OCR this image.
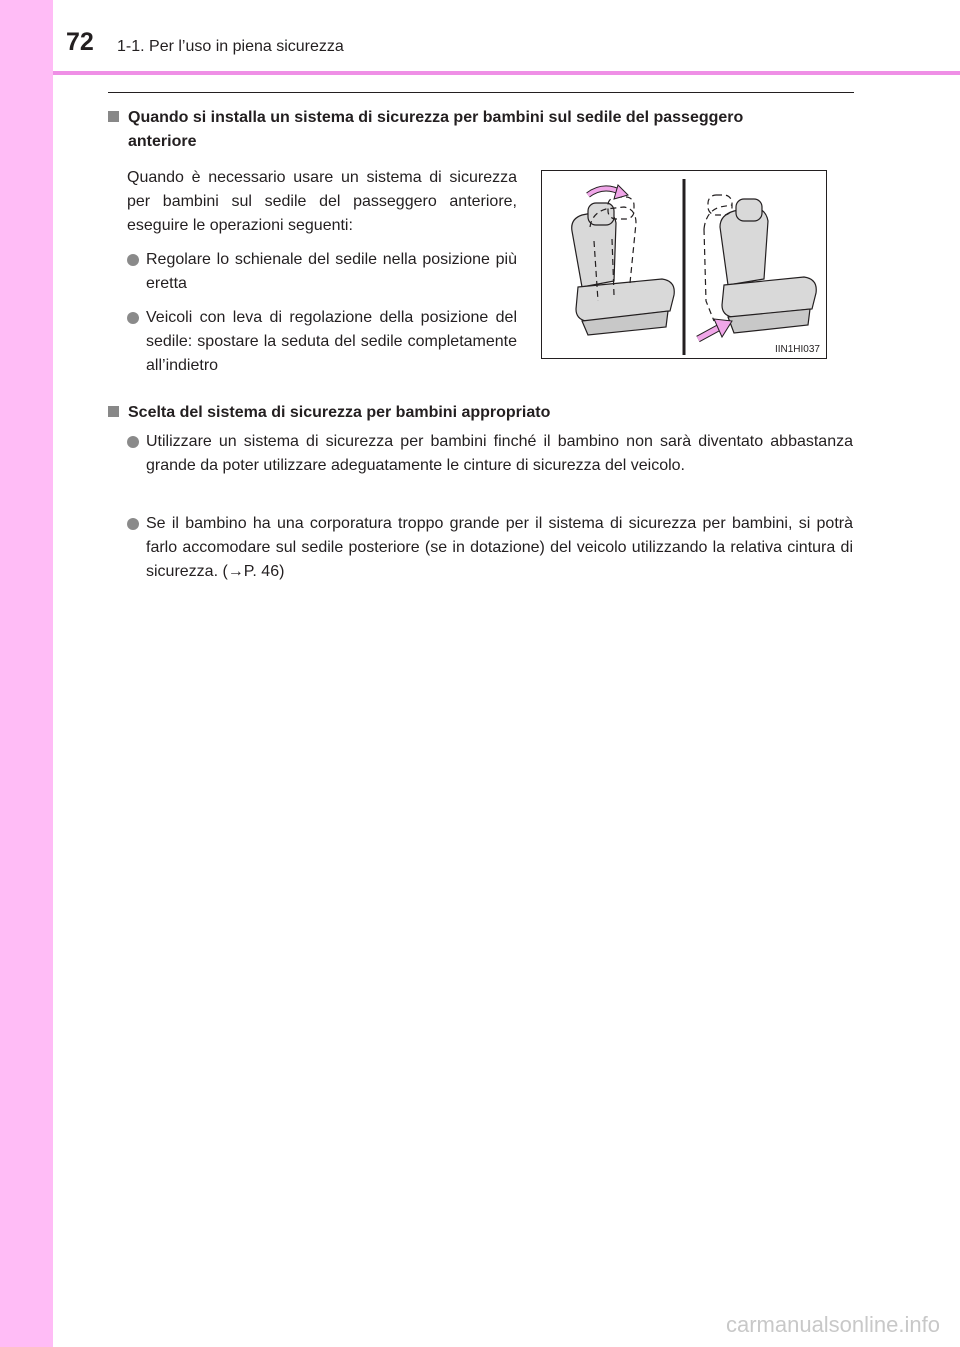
72 1-1. Per l’uso in piena sicurezza
Quando si installa un sistema di sicurezza per bambini sul sedile del passeggero
anteriore
Quando è necessario usare un sistema di sicurezza per bambini sul sedile del passeggero anteriore, eseguire le operazioni seguenti:
Regolare lo schienale del sedile nella posizione più eretta
Veicoli con leva di regolazione della posizione del sedile: spostare la seduta del sedile completamente all’indietro
IIN1HI037
Scelta del sistema di sicurezza per bambini appropriato
Utilizzare un sistema di sicurezza per bambini finché il bambino non sarà diventato abbastanza grande da poter utilizzare adeguatamente le cinture di sicurezza del veicolo.
Se il bambino ha una corporatura troppo grande per il sistema di sicurezza per bambini, si potrà farlo accomodare sul sedile posteriore (se in dotazione) del veicolo utilizzando la relativa cintura di sicurezza. (→P. 46)
carmanualsonline.info
